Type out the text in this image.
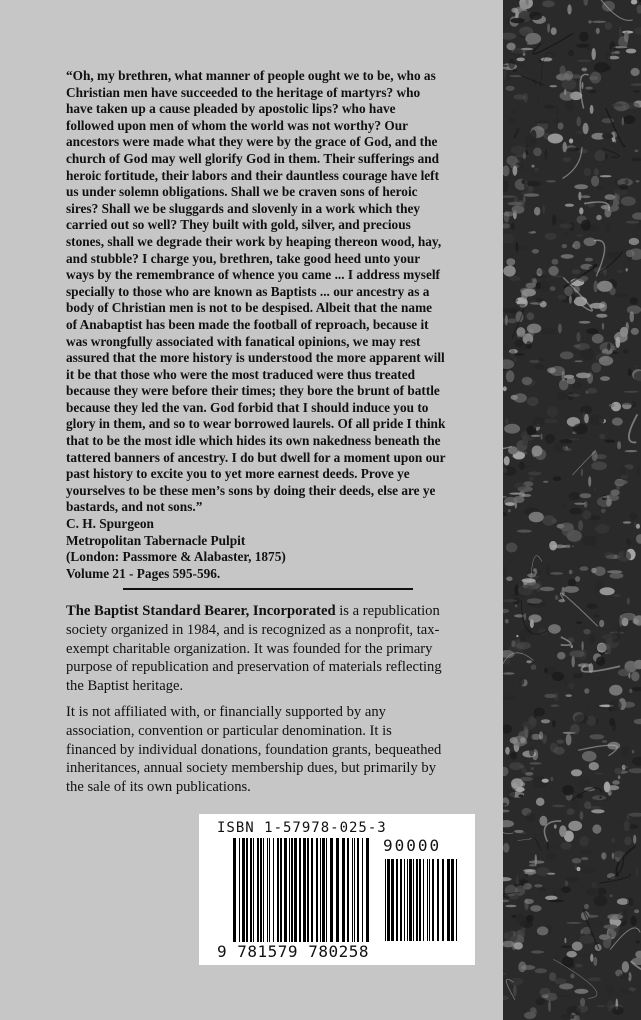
“Oh, my brethren, what manner of people ought we to be, who as Christian men have succeeded to the heritage of martyrs? who have taken up a cause pleaded by apostolic lips? who have followed upon men of whom the world was not worthy? Our ancestors were made what they were by the grace of God, and the church of God may well glorify God in them. Their sufferings and heroic fortitude, their labors and their dauntless courage have left us under solemn obligations. Shall we be craven sons of heroic sires? Shall we be sluggards and slovenly in a work which they carried out so well? They built with gold, silver, and precious stones, shall we degrade their work by heaping thereon wood, hay, and stubble? I charge you, brethren, take good heed unto your ways by the remembrance of whence you came ... I address myself specially to those who are known as Baptists ... our ancestry as a body of Christian men is not to be despised. Albeit that the name of Anabaptist has been made the football of reproach, because it was wrongfully associated with fanatical opinions, we may rest assured that the more history is understood the more apparent will it be that those who were the most traduced were thus treated because they were before their times; they bore the brunt of battle because they led the van. God forbid that I should induce you to glory in them, and so to wear borrowed laurels. Of all pride I think that to be the most idle which hides its own nakedness beneath the tattered banners of ancestry. I do but dwell for a moment upon our past history to excite you to yet more earnest deeds. Prove ye yourselves to be these men’s sons by doing their deeds, else are ye bastards, and not sons.”

C. H. Spurgeon

Metropolitan Tabernacle Pulpit

(London: Passmore & Alabaster, 1875)

Volume 21 - Pages 595-596.

The Baptist Standard Bearer, Incorporated is a republication society organized in 1984, and is recognized as a nonprofit, tax-exempt charitable organization. It was founded for the primary purpose of republication and preservation of materials reflecting the Baptist heritage.

It is not affiliated with, or financially supported by any association, convention or particular denomination. It is financed by individual donations, foundation grants, bequeathed inheritances, annual society membership dues, but primarily by the sale of its own publications.

ISBN 1-57978-025-3
90000
9 781579 780258
